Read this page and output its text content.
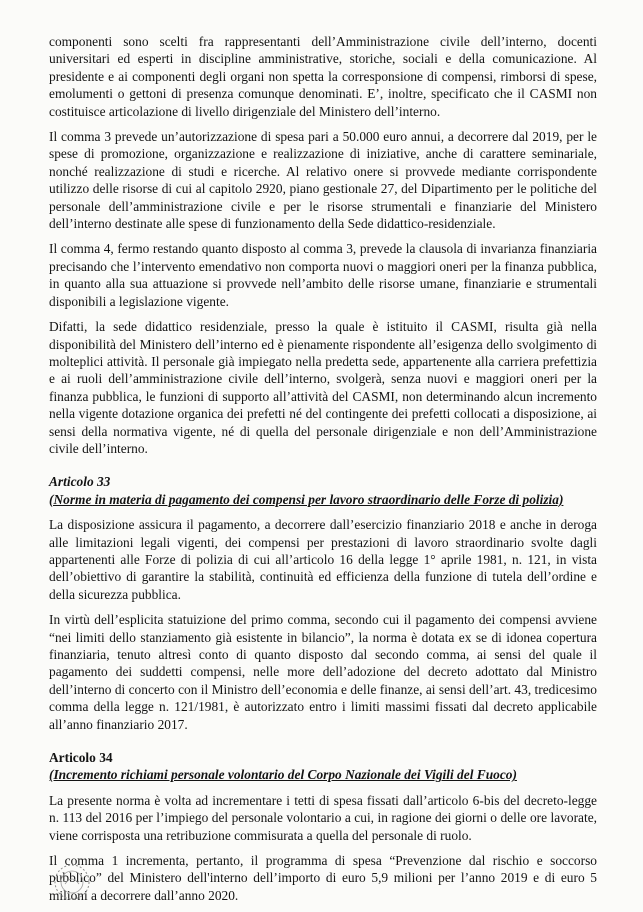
componenti sono scelti fra rappresentanti dell’Amministrazione civile dell’interno, docenti universitari ed esperti in discipline amministrative, storiche, sociali e della comunicazione. Al presidente e ai componenti degli organi non spetta la corresponsione di compensi, rimborsi di spese, emolumenti o gettoni di presenza comunque denominati. E’, inoltre, specificato che il CASMI non costituisce articolazione di livello dirigenziale del Ministero dell’interno.

Il comma 3 prevede un’autorizzazione di spesa pari a 50.000 euro annui, a decorrere dal 2019, per le spese di promozione, organizzazione e realizzazione di iniziative, anche di carattere seminariale, nonché realizzazione di studi e ricerche. Al relativo onere si provvede mediante corrispondente utilizzo delle risorse di cui al capitolo 2920, piano gestionale 27, del Dipartimento per le politiche del personale dell’amministrazione civile e per le risorse strumentali e finanziarie del Ministero dell’interno destinate alle spese di funzionamento della Sede didattico-residenziale.

Il comma 4, fermo restando quanto disposto al comma 3, prevede la clausola di invarianza finanziaria precisando che l’intervento emendativo non comporta nuovi o maggiori oneri per la finanza pubblica, in quanto alla sua attuazione si provvede nell’ambito delle risorse umane, finanziarie e strumentali disponibili a legislazione vigente.

Difatti, la sede didattico residenziale, presso la quale è istituito il CASMI, risulta già nella disponibilità del Ministero dell’interno ed è pienamente rispondente all’esigenza dello svolgimento di molteplici attività. Il personale già impiegato nella predetta sede, appartenente alla carriera prefettizia e ai ruoli dell’amministrazione civile dell’interno, svolgerà, senza nuovi e maggiori oneri per la finanza pubblica, le funzioni di supporto all’attività del CASMI, non determinando alcun incremento nella vigente dotazione organica dei prefetti né del contingente dei prefetti collocati a disposizione, ai sensi della normativa vigente, né di quella del personale dirigenziale e non dell’Amministrazione civile dell’interno.

Articolo 33
(Norme in materia di pagamento dei compensi per lavoro straordinario delle Forze di polizia)

La disposizione assicura il pagamento, a decorrere dall’esercizio finanziario 2018 e anche in deroga alle limitazioni legali vigenti, dei compensi per prestazioni di lavoro straordinario svolte dagli appartenenti alle Forze di polizia di cui all’articolo 16 della legge 1° aprile 1981, n. 121, in vista dell’obiettivo di garantire la stabilità, continuità ed efficienza della funzione di tutela dell’ordine e della sicurezza pubblica.

In virtù dell’esplicita statuizione del primo comma, secondo cui il pagamento dei compensi avviene “nei limiti dello stanziamento già esistente in bilancio”, la norma è dotata ex se di idonea copertura finanziaria, tenuto altresì conto di quanto disposto dal secondo comma, ai sensi del quale il pagamento dei suddetti compensi, nelle more dell’adozione del decreto adottato dal Ministro dell’interno di concerto con il Ministro dell’economia e delle finanze, ai sensi dell’art. 43, tredicesimo comma della legge n. 121/1981, è autorizzato entro i limiti massimi fissati dal decreto applicabile all’anno finanziario 2017.

Articolo 34
(Incremento richiami personale volontario del Corpo Nazionale dei Vigili del Fuoco)

La presente norma è volta ad incrementare i tetti di spesa fissati dall’articolo 6-bis del decreto-legge n. 113 del 2016 per l’impiego del personale volontario a cui, in ragione dei giorni o delle ore lavorate, viene corrisposta una retribuzione commisurata a quella del personale di ruolo.

Il comma 1 incrementa, pertanto, il programma di spesa “Prevenzione dal rischio e soccorso pubblico” del Ministero dell'interno dell’importo di euro 5,9 milioni per l’anno 2019 e di euro 5 milioni a decorrere dall’anno 2020.
